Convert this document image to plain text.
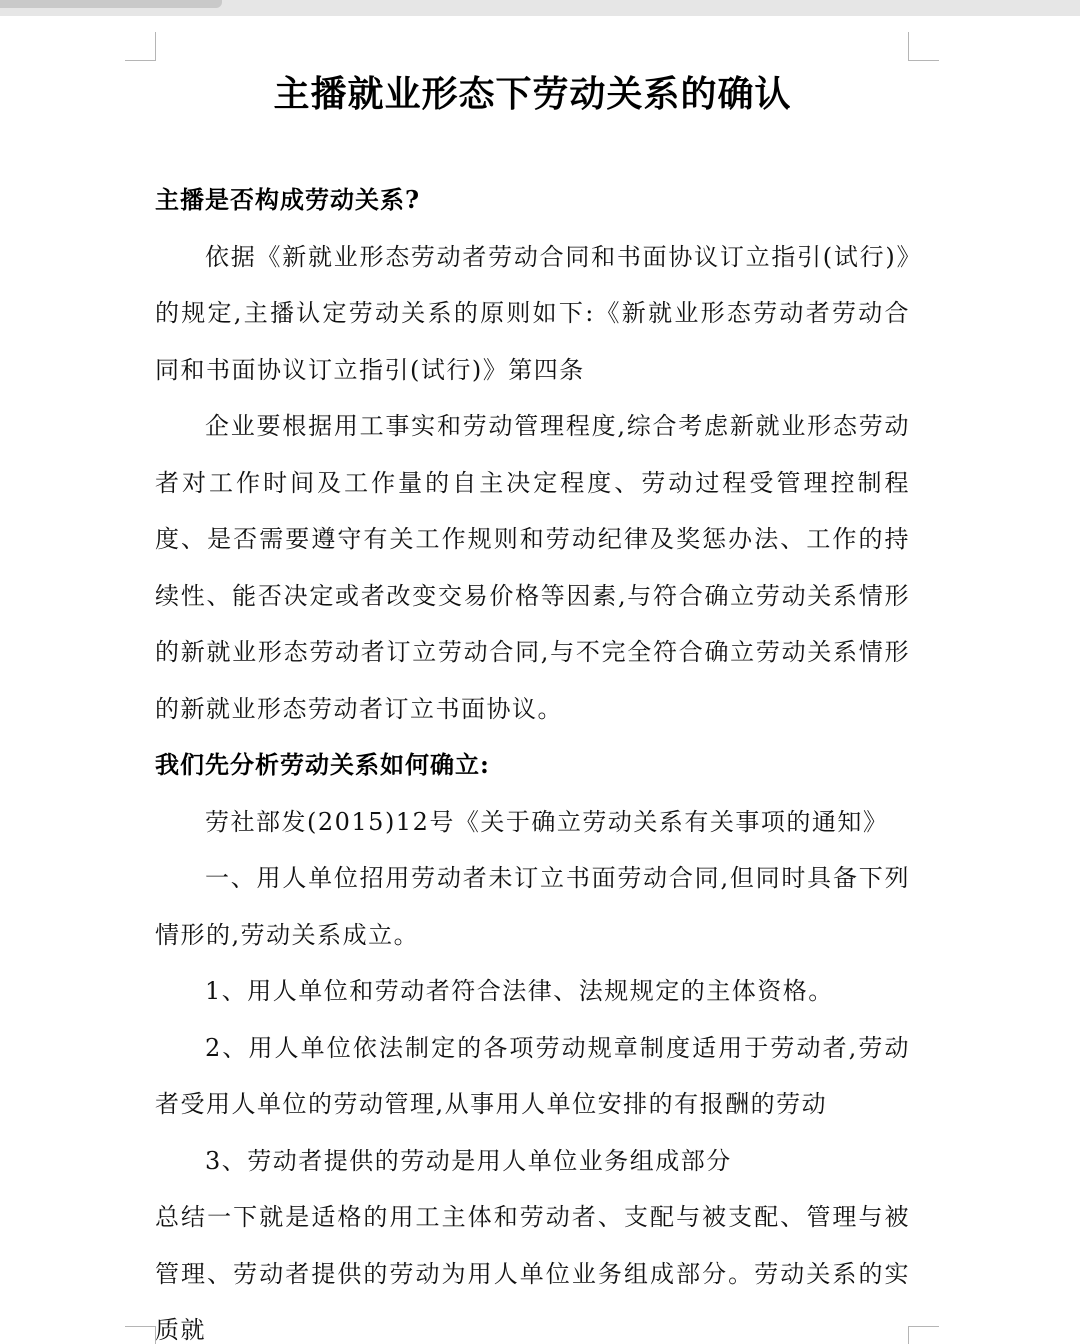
主播就业形态下劳动关系的确认

主播是否构成劳动关系?

依据《新就业形态劳动者劳动合同和书面协议订立指引(试行)》的规定,主播认定劳动关系的原则如下:《新就业形态劳动者劳动合同和书面协议订立指引(试行)》第四条

企业要根据用工事实和劳动管理程度,综合考虑新就业形态劳动者对工作时间及工作量的自主决定程度、劳动过程受管理控制程度、是否需要遵守有关工作规则和劳动纪律及奖惩办法、工作的持续性、能否决定或者改变交易价格等因素,与符合确立劳动关系情形的新就业形态劳动者订立劳动合同,与不完全符合确立劳动关系情形的新就业形态劳动者订立书面协议。

我们先分析劳动关系如何确立:

劳社部发(2015)12号《关于确立劳动关系有关事项的通知》

一、用人单位招用劳动者未订立书面劳动合同,但同时具备下列情形的,劳动关系成立。

1、用人单位和劳动者符合法律、法规规定的主体资格。

2、用人单位依法制定的各项劳动规章制度适用于劳动者,劳动者受用人单位的劳动管理,从事用人单位安排的有报酬的劳动

3、劳动者提供的劳动是用人单位业务组成部分

总结一下就是适格的用工主体和劳动者、支配与被支配、管理与被管理、劳动者提供的劳动为用人单位业务组成部分。劳动关系的实质就
